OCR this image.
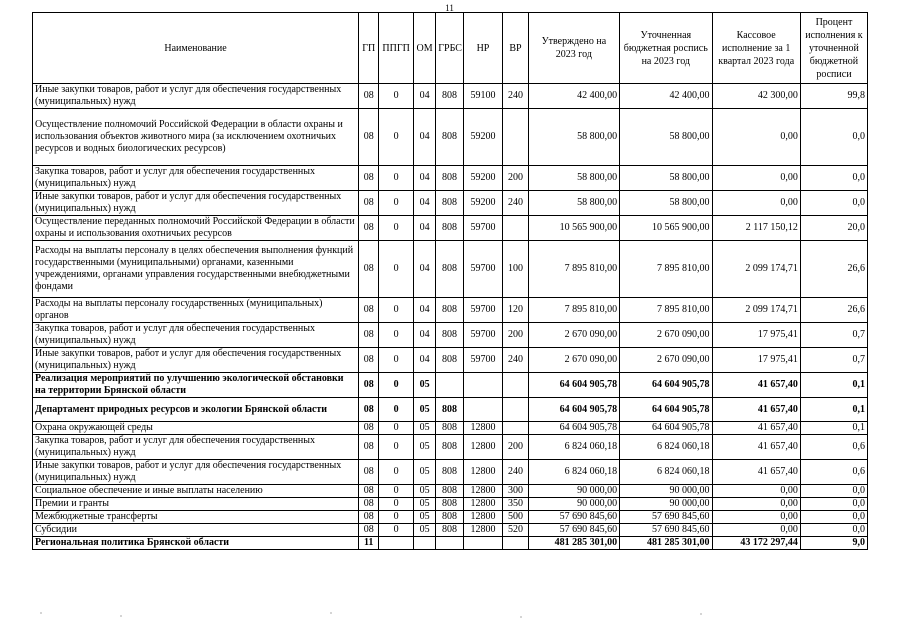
11
Наименование	ГП	ППГП	ОМ	ГРБС	НР	ВР	Утверждено на 2023 год	Уточненная бюджетная роспись на 2023 год	Кассовое исполнение за 1 квартал 2023 года	Процент исполнения к уточненной бюджетной росписи
Иные закупки товаров, работ и услуг для обеспечения государственных (муниципальных) нужд	08	0	04	808	59100	240	42 400,00	42 400,00	42 300,00	99,8
Осуществление полномочий Российской Федерации в области охраны и использования объектов животного мира (за исключением охотничьих ресурсов и водных биологических ресурсов)	08	0	04	808	59200		58 800,00	58 800,00	0,00	0,0
Закупка товаров, работ и услуг для обеспечения государственных (муниципальных) нужд	08	0	04	808	59200	200	58 800,00	58 800,00	0,00	0,0
Иные закупки товаров, работ и услуг для обеспечения государственных (муниципальных) нужд	08	0	04	808	59200	240	58 800,00	58 800,00	0,00	0,0
Осуществление переданных полномочий Российской Федерации в области охраны и использования охотничьих ресурсов	08	0	04	808	59700		10 565 900,00	10 565 900,00	2 117 150,12	20,0
Расходы на выплаты персоналу в целях обеспечения выполнения функций государственными (муниципальными) органами, казенными учреждениями, органами управления государственными внебюджетными фондами	08	0	04	808	59700	100	7 895 810,00	7 895 810,00	2 099 174,71	26,6
Расходы на выплаты персоналу государственных (муниципальных) органов	08	0	04	808	59700	120	7 895 810,00	7 895 810,00	2 099 174,71	26,6
Закупка товаров, работ и услуг для обеспечения государственных (муниципальных) нужд	08	0	04	808	59700	200	2 670 090,00	2 670 090,00	17 975,41	0,7
Иные закупки товаров, работ и услуг для обеспечения государственных (муниципальных) нужд	08	0	04	808	59700	240	2 670 090,00	2 670 090,00	17 975,41	0,7
Реализация мероприятий по улучшению экологической обстановки на территории Брянской области	08	0	05				64 604 905,78	64 604 905,78	41 657,40	0,1
Департамент природных ресурсов и экологии Брянской области	08	0	05	808			64 604 905,78	64 604 905,78	41 657,40	0,1
Охрана окружающей среды	08	0	05	808	12800		64 604 905,78	64 604 905,78	41 657,40	0,1
Закупка товаров, работ и услуг для обеспечения государственных (муниципальных) нужд	08	0	05	808	12800	200	6 824 060,18	6 824 060,18	41 657,40	0,6
Иные закупки товаров, работ и услуг для обеспечения государственных (муниципальных) нужд	08	0	05	808	12800	240	6 824 060,18	6 824 060,18	41 657,40	0,6
Социальное обеспечение и иные выплаты населению	08	0	05	808	12800	300	90 000,00	90 000,00	0,00	0,0
Премии и гранты	08	0	05	808	12800	350	90 000,00	90 000,00	0,00	0,0
Межбюджетные трансферты	08	0	05	808	12800	500	57 690 845,60	57 690 845,60	0,00	0,0
Субсидии	08	0	05	808	12800	520	57 690 845,60	57 690 845,60	0,00	0,0
Региональная политика Брянской области	11						481 285 301,00	481 285 301,00	43 172 297,44	9,0
